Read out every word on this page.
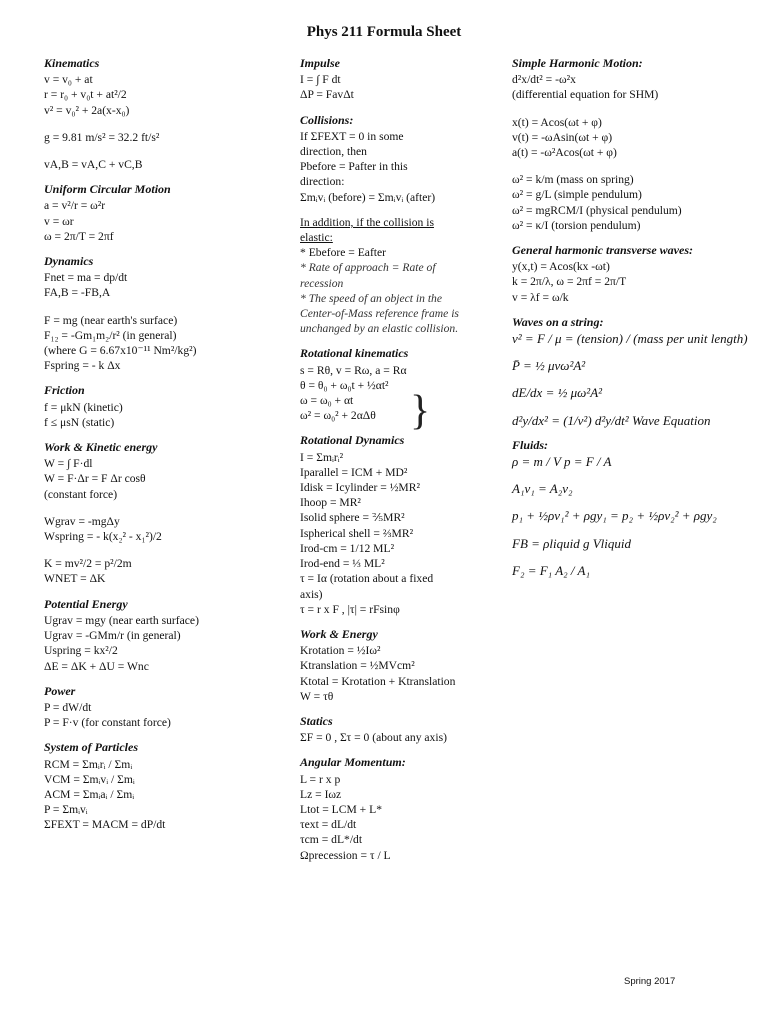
Phys 211 Formula Sheet
Kinematics
v = v₀ + at
r = r₀ + v₀t + at²/2
v² = v₀² + 2a(x-x₀)
g = 9.81 m/s² = 32.2 ft/s²
vA,B = vA,C + vC,B
Uniform Circular Motion
a = v²/r = ω²r
v = ωr
ω = 2π/T = 2πf
Dynamics
Fnet = ma = dp/dt
FA,B = -FB,A
F = mg (near earth's surface)
F₁₂ = -Gm₁m₂/r² (in general)
(where G = 6.67x10⁻¹¹ Nm²/kg²)
Fspring = - k Δx
Friction
f = μkN (kinetic)
f ≤ μsN (static)
Work & Kinetic energy
W = ∫ F·dl
W = F·Δr = F Δr cosθ
(constant force)
Wgrav = -mgΔy
Wspring = - k(x₂² - x₁²)/2
K = mv²/2 = p²/2m
WNET = ΔK
Potential Energy
Ugrav = mgy (near earth surface)
Ugrav = -GMm/r (in general)
Uspring = kx²/2
ΔE = ΔK + ΔU = Wnc
Power
P = dW/dt
P = F·v (for constant force)
System of Particles
RCM = Σmᵢrᵢ / Σmᵢ
VCM = Σmᵢvᵢ / Σmᵢ
ACM = Σmᵢaᵢ / Σmᵢ
P = Σmᵢvᵢ
ΣFEXT = MACM = dP/dt
Impulse
I = ∫ F dt
ΔP = FavΔt
Collisions:
If ΣFEXT = 0 in some
direction, then
Pbefore = Pafter in this
direction:
Σmᵢvᵢ (before) = Σmᵢvᵢ (after)
In addition, if the collision is
elastic:
* Ebefore = Eafter
* Rate of approach = Rate of recession
* The speed of an object in the Center-of-Mass reference frame is unchanged by an elastic collision.
Rotational kinematics
s = Rθ, v = Rω, a = Rα
θ = θ₀ + ω₀t + ½αt²
ω = ω₀ + αt
ω² = ω₀² + 2αΔθ
Rotational Dynamics
I = Σmᵢrᵢ²
Iparallel = ICM + MD²
Idisk = Icylinder = ½MR²
Ihoop = MR²
Isolid sphere = ⅖MR²
Ispherical shell = ⅔MR²
Irod-cm = 1/12 ML²
Irod-end = ⅓ ML²
τ = Iα (rotation about a fixed
axis)
τ = r x F , |τ| = rFsinφ
Work & Energy
Krotation = ½Iω²
Ktranslation = ½MVcm²
Ktotal = Krotation + Ktranslation
W = τθ
Statics
ΣF = 0 , Στ = 0 (about any axis)
Angular Momentum:
L = r x p
Lz = Iωz
Ltot = LCM + L*
τext = dL/dt
τcm = dL*/dt
Ωprecession = τ / L
Simple Harmonic Motion:
d²x/dt² = -ω²x
(differential equation for SHM)
x(t) = Acos(ωt + φ)
v(t) = -ωAsin(ωt + φ)
a(t) = -ω²Acos(ωt + φ)
ω² = k/m (mass on spring)
ω² = g/L (simple pendulum)
ω² = mgRCM/I (physical pendulum)
ω² = κ/I (torsion pendulum)
General harmonic transverse waves:
y(x,t) = Acos(kx -ωt)
k = 2π/λ, ω = 2πf = 2π/T
v = λf = ω/k
Waves on a string:
v² = F / μ = (tension) / (mass per unit length)
P̄ = ½ μvω²A²
dE/dx = ½ μω²A²
d²y/dx² = (1/v²) d²y/dt² Wave Equation
Fluids:
ρ = m / V p = F / A
A₁v₁ = A₂v₂
p₁ + ½ρv₁² + ρgy₁ = p₂ + ½ρv₂² + ρgy₂
FB = ρliquid g Vliquid
F₂ = F₁ A₂ / A₁
}
Spring 2017
